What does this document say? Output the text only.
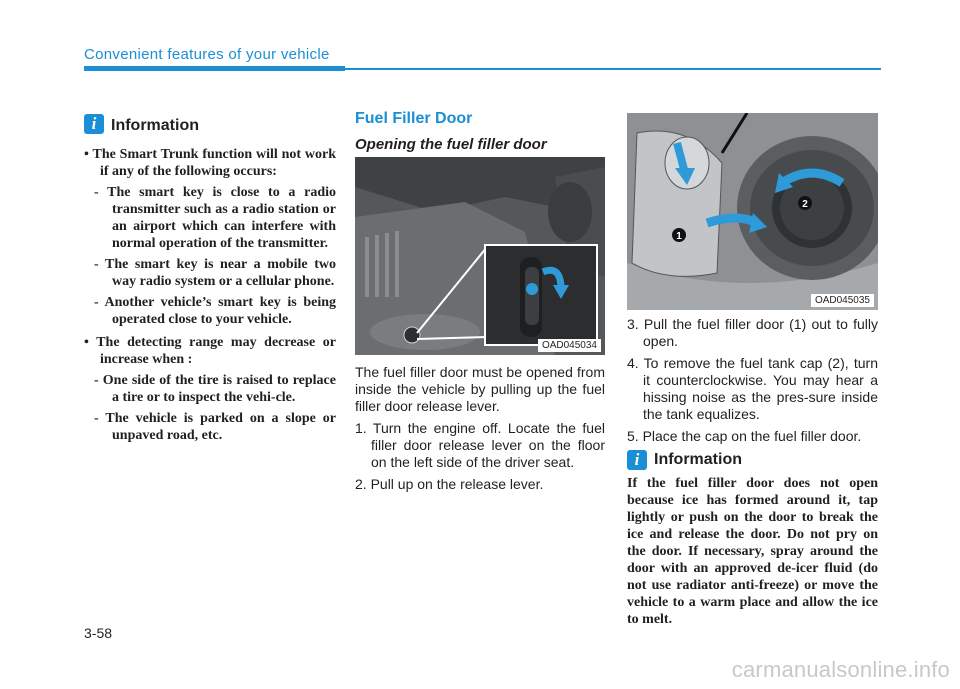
Convenient features of your vehicle
i Information

• The Smart Trunk function will not work if any of the following occurs:

- The smart key is close to a radio transmitter such as a radio station or an airport which can interfere with normal operation of the transmitter.

- The smart key is near a mobile two way radio system or a cellular phone.

- Another vehicle’s smart key is being operated close to your vehicle.

• The detecting range may decrease or increase when :

- One side of the tire is raised to replace a tire or to inspect the vehi-cle.

- The vehicle is parked on a slope or unpaved road, etc.

Fuel Filler Door
Opening the fuel filler door
OAD045034

The fuel filler door must be opened from inside the vehicle by pulling up the fuel filler door release lever.

1. Turn the engine off. Locate the fuel filler door release lever on the floor on the left side of the driver seat.

2. Pull up on the release lever.

1
2
OAD045035

3. Pull the fuel filler door (1) out to fully open.

4. To remove the fuel tank cap (2), turn it counterclockwise. You may hear a hissing noise as the pres-sure inside the tank equalizes.

5. Place the cap on the fuel filler door.

i Information

If the fuel filler door does not open because ice has formed around it, tap lightly or push on the door to break the ice and release the door. Do not pry on the door. If necessary, spray around the door with an approved de-icer fluid (do not use radiator anti-freeze) or move the vehicle to a warm place and allow the ice to melt.

3-58
carmanualsonline.info
